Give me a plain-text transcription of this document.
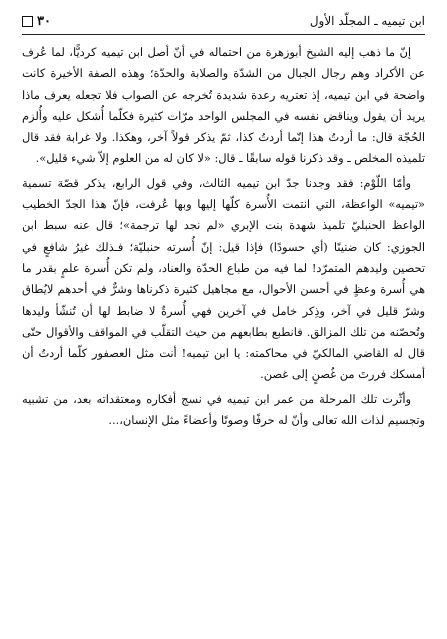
٣٠	ابن تيميه ـ المجلّد الأول

إنّ ما ذهب إليه الشيخ أبوزهرة من احتماله في أنّ أصل ابن تيميه كرديًّا، لما عُرف عن الأكراد وهم رجال الجبال من الشدّة والصلابة والحدّة؛ وهذه الصفة الأخيرة كانت واضحة في ابن تيميه، إذ تعتريه رعدة شديدة تُخرجه عن الصواب فلا تجعله يعرف ماذا يريد أن يقول ويناقض نفسه في المجلس الواحد مرّات كثيرة فكلّما أُشكل عليه وأُلزم الحُجّة قال: ما أردتُ هذا إنّما أردتُ كذا، ثمّ يذكر قولاً آخر، وهكذا. ولا غرابة فقد قال تلميذه المخلص ـ وقد ذكرنا قوله سابقًا ـ قال: «لا كان له من العلوم إلاّ شيء قليل».

وأمّا اللّوْم: فقد وجدنا جدّ ابن تيميه الثالث، وفي قول الرابع، يذكر قصّة تسمية «تيميه» الواعظة، التي انتمت الأُسرة كلّها إليها وبها عُرفت، فإنّ هذا الجدّ الخطيب الواعظ الحنبليّ تلميذ شهدة بنت الإبري «لم نجد لها ترجمة»؛ قال عنه سبط ابن الجوزي: كان ضنينًا (أي حسودًا) فإذا قيل: إنّ أُسرته حنبليّة؛ فـذلك غيرُ شافعٍ في تحصين وليدهم المتمرّد! لما فيه من طباع الحدّة والعناد، ولم تكن أُسرة علمٍ بقدر ما هي أُسرة وعظٍ في أحسن الأحوال، مع مجاهيل كثيرة ذكرناها وشرٌّ في أحدهم لايُطاق وشرّ قليل في آخر، وذِكر خامل في آخرين فهي أُسرةٌ لا ضابط لها أن تُنشّأ وليدها وتُحصّنه من تلك المزالق. فانطبع بطابعهم من حيث التقلّب في المواقف والأقوال حتّى قال له القاضي المالكيّ في محاكمته: يا ابن تيميه! أنت مثل العصفور كلّما أردتُ أن أمسكك فررتَ من غُصنٍ إلى غصن.

وأثّرت تلك المرحلة من عمر ابن تيميه في نسج أفكاره ومعتقداته بعد، من تشبيه وتجسيم لذات الله تعالى وأنّ له حرفًا وصوتًا وأعضاءً مثل الإنسان،...
